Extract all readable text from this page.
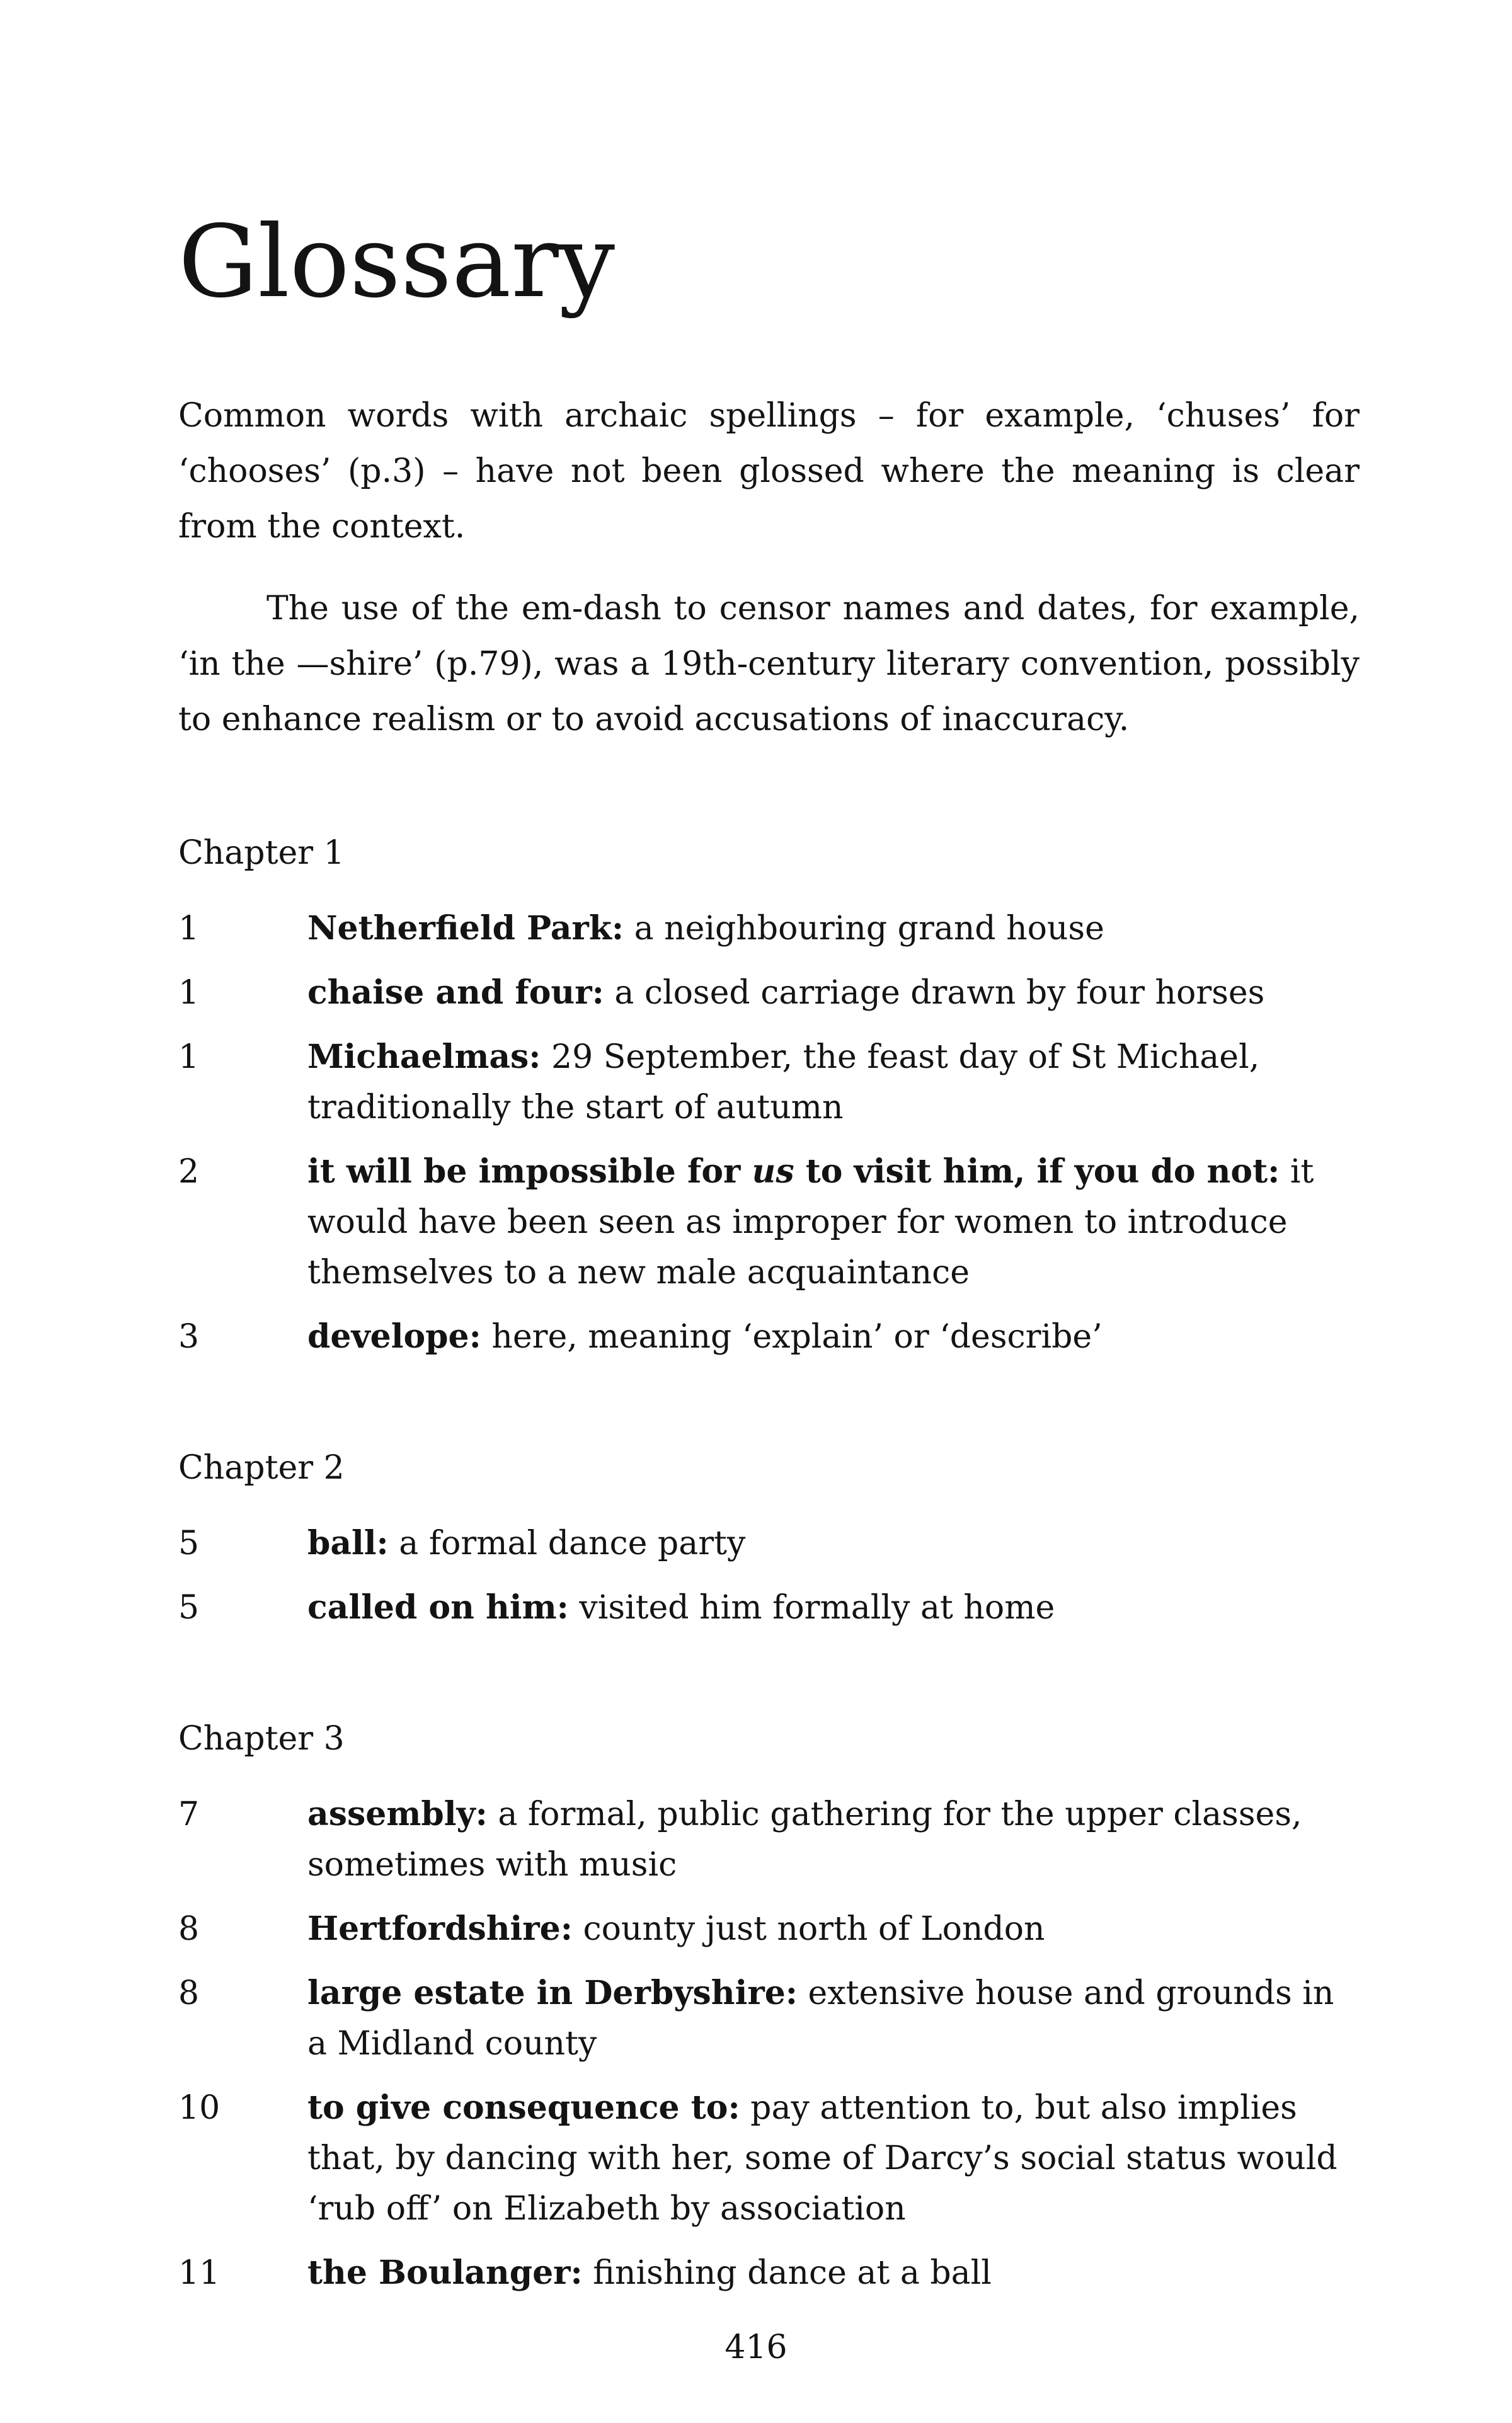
Glossary

Common words with archaic spellings – for example, ‘chuses’ for ‘chooses’ (p.3) – have not been glossed where the meaning is clear from the context.

The use of the em-dash to censor names and dates, for example, ‘in the —shire’ (p.79), was a 19th-century literary convention, possibly to enhance realism or to avoid accusations of inaccuracy.

Chapter 1
1	Netherfield Park: a neighbouring grand house
1	chaise and four: a closed carriage drawn by four horses
1	Michaelmas: 29 September, the feast day of St Michael, traditionally the start of autumn
2	it will be impossible for us to visit him, if you do not: it would have been seen as improper for women to introduce themselves to a new male acquaintance
3	develope: here, meaning ‘explain’ or ‘describe’
Chapter 2
5	ball: a formal dance party
5	called on him: visited him formally at home
Chapter 3
7	assembly: a formal, public gathering for the upper classes, sometimes with music
8	Hertfordshire: county just north of London
8	large estate in Derbyshire: extensive house and grounds in a Midland county
10	to give consequence to: pay attention to, but also implies that, by dancing with her, some of Darcy’s social status would ‘rub off’ on Elizabeth by association
11	the Boulanger: finishing dance at a ball
416
